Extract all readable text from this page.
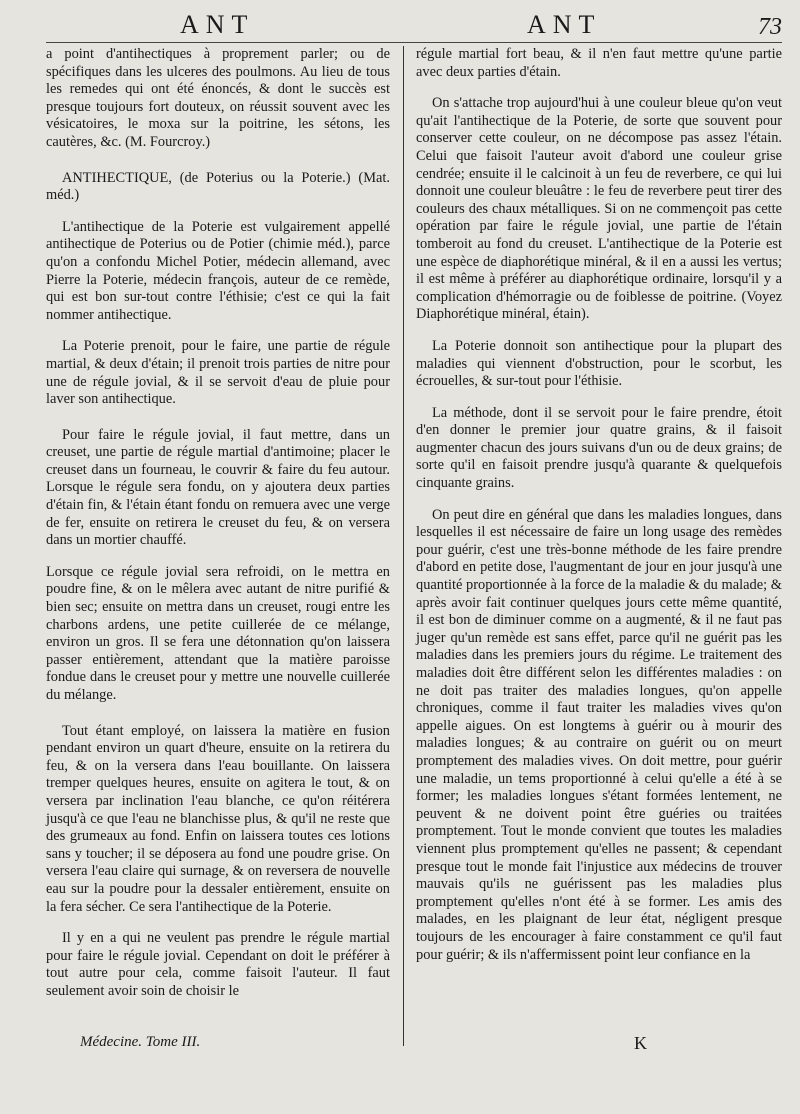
ANT	ANT	73

a point d'antihectiques à proprement parler; ou de spécifiques dans les ulceres des poulmons. Au lieu de tous les remedes qui ont été énoncés, & dont le succès est presque toujours fort douteux, on réussit souvent avec les vésicatoires, le moxa sur la poitrine, les sétons, les cautères, &c. (M. Fourcroy.)

ANTIHECTIQUE, (de Poterius ou la Poterie.) (Mat. méd.)

L'antihectique de la Poterie est vulgairement appellé antihectique de Poterius ou de Potier (chimie méd.), parce qu'on a confondu Michel Potier, médecin allemand, avec Pierre la Poterie, médecin françois, auteur de ce remède, qui est bon sur-tout contre l'éthisie; c'est ce qui la fait nommer antihectique.

La Poterie prenoit, pour le faire, une partie de régule martial, & deux d'étain; il prenoit trois parties de nitre pour une de régule jovial, & il se servoit d'eau de pluie pour laver son antihectique.

Pour faire le régule jovial, il faut mettre, dans un creuset, une partie de régule martial d'antimoine; placer le creuset dans un fourneau, le couvrir & faire du feu autour. Lorsque le régule sera fondu, on y ajoutera deux parties d'étain fin, & l'étain étant fondu on remuera avec une verge de fer, ensuite on retirera le creuset du feu, & on versera dans un mortier chauffé.

Lorsque ce régule jovial sera refroidi, on le mettra en poudre fine, & on le mêlera avec autant de nitre purifié & bien sec; ensuite on mettra dans un creuset, rougi entre les charbons ardens, une petite cuillerée de ce mélange, environ un gros. Il se fera une détonnation qu'on laissera passer entièrement, attendant que la matière paroisse fondue dans le creuset pour y mettre une nouvelle cuillerée du mélange.

Tout étant employé, on laissera la matière en fusion pendant environ un quart d'heure, ensuite on la retirera du feu, & on la versera dans l'eau bouillante. On laissera tremper quelques heures, ensuite on agitera le tout, & on versera par inclination l'eau blanche, ce qu'on réitérera jusqu'à ce que l'eau ne blanchisse plus, & qu'il ne reste que des grumeaux au fond. Enfin on laissera toutes ces lotions sans y toucher; il se déposera au fond une poudre grise. On versera l'eau claire qui surnage, & on reversera de nouvelle eau sur la poudre pour la dessaler entièrement, ensuite on la fera sécher. Ce sera l'antihectique de la Poterie.

Il y en a qui ne veulent pas prendre le régule martial pour faire le régule jovial. Cependant on doit le préférer à tout autre pour cela, comme faisoit l'auteur. Il faut seulement avoir soin de choisir le

régule martial fort beau, & il n'en faut mettre qu'une partie avec deux parties d'étain.

On s'attache trop aujourd'hui à une couleur bleue qu'on veut qu'ait l'antihectique de la Poterie, de sorte que souvent pour conserver cette couleur, on ne décompose pas assez l'étain. Celui que faisoit l'auteur avoit d'abord une couleur grise cendrée; ensuite il le calcinoit à un feu de reverbere, ce qui lui donnoit une couleur bleuâtre : le feu de reverbere peut tirer des couleurs des chaux métalliques. Si on ne commençoit pas cette opération par faire le régule jovial, une partie de l'étain tomberoit au fond du creuset. L'antihectique de la Poterie est une espèce de diaphorétique minéral, & il en a aussi les vertus; il est même à préférer au diaphorétique ordinaire, lorsqu'il y a complication d'hémorragie ou de foiblesse de poitrine. (Voyez Diaphorétique minéral, étain).

La Poterie donnoit son antihectique pour la plupart des maladies qui viennent d'obstruction, pour le scorbut, les écrouelles, & sur-tout pour l'éthisie.

La méthode, dont il se servoit pour le faire prendre, étoit d'en donner le premier jour quatre grains, & il faisoit augmenter chacun des jours suivans d'un ou de deux grains; de sorte qu'il en faisoit prendre jusqu'à quarante & quelquefois cinquante grains.

On peut dire en général que dans les maladies longues, dans lesquelles il est nécessaire de faire un long usage des remèdes pour guérir, c'est une très-bonne méthode de les faire prendre d'abord en petite dose, l'augmentant de jour en jour jusqu'à une quantité proportionnée à la force de la maladie & du malade; & après avoir fait continuer quelques jours cette même quantité, il est bon de diminuer comme on a augmenté, & il ne faut pas juger qu'un remède est sans effet, parce qu'il ne guérit pas les maladies dans les premiers jours du régime. Le traitement des maladies doit être différent selon les différentes maladies : on ne doit pas traiter des maladies longues, qu'on appelle chroniques, comme il faut traiter les maladies vives qu'on appelle aigues. On est longtems à guérir ou à mourir des maladies longues; & au contraire on guérit ou on meurt promptement des maladies vives. On doit mettre, pour guérir une maladie, un tems proportionné à celui qu'elle a été à se former; les maladies longues s'étant formées lentement, ne peuvent & ne doivent point être guéries ou traitées promptement. Tout le monde convient que toutes les maladies viennent plus promptement qu'elles ne passent; & cependant presque tout le monde fait l'injustice aux médecins de trouver mauvais qu'ils ne guérissent pas les maladies plus promptement qu'elles n'ont été à se former. Les amis des malades, en les plaignant de leur état, négligent presque toujours de les encourager à faire constamment ce qu'il faut pour guérir; & ils n'affermissent point leur confiance en la

Médecine. Tome III.	K
